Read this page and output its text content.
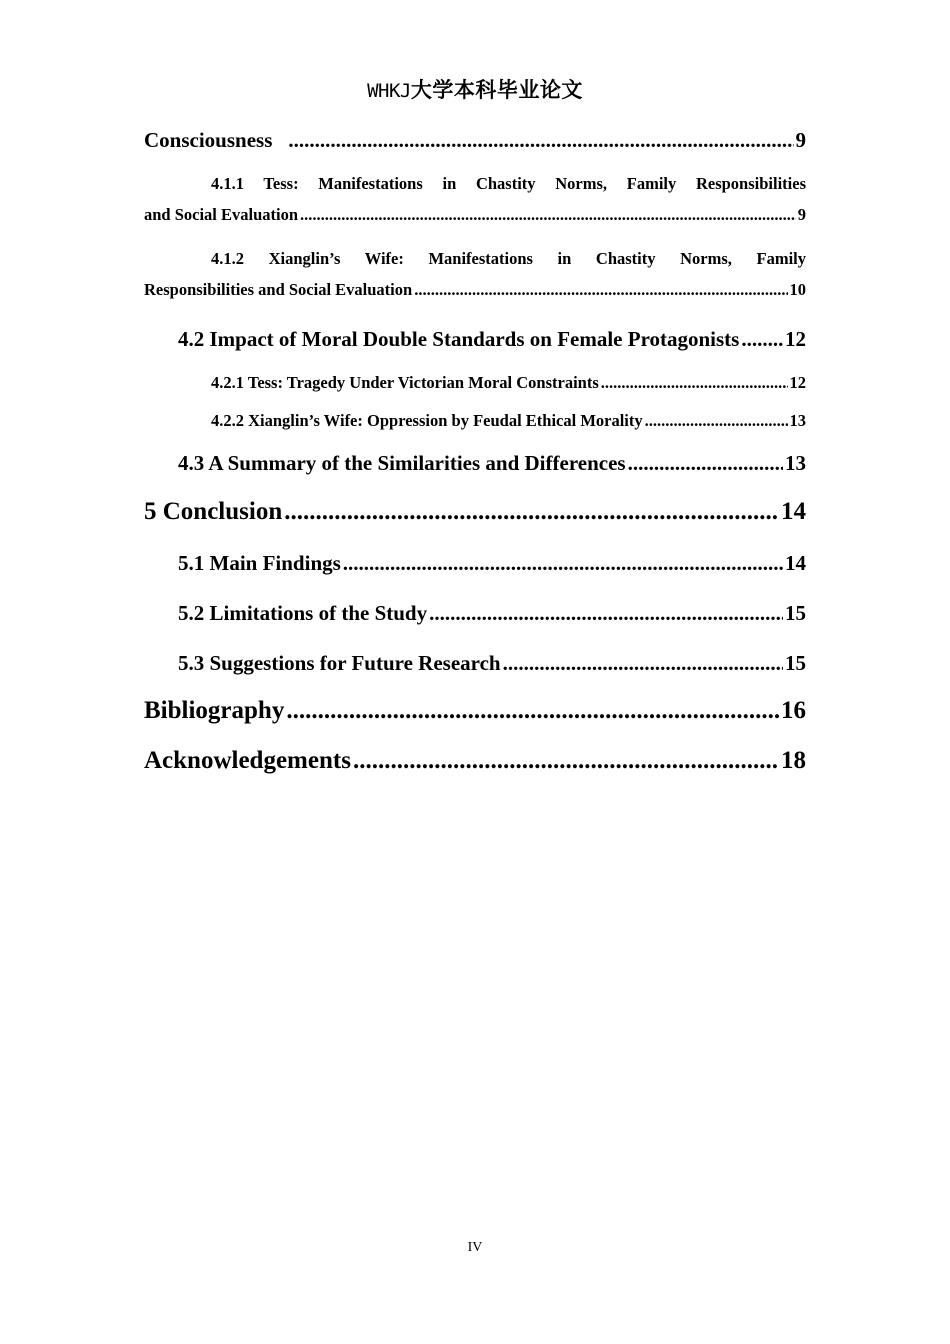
WHKJ大学本科毕业论文
Consciousness .....	9
4.1.1 Tess: Manifestations in Chastity Norms, Family Responsibilities
and Social Evaluation .....	9
4.1.2 Xianglin’s Wife: Manifestations in Chastity Norms, Family
Responsibilities and Social Evaluation .....	10
4.2 Impact of Moral Double Standards on Female Protagonists ..... 12
4.2.1 Tess: Tragedy Under Victorian Moral Constraints .....	12
4.2.2 Xianglin’s Wife: Oppression by Feudal Ethical Morality .....	13
4.3 A Summary of the Similarities and Differences .....	13
5 Conclusion .....	14
5.1 Main Findings .....	14
5.2 Limitations of the Study .....	15
5.3 Suggestions for Future Research .....	15
Bibliography .....	16
Acknowledgements .....	18
IV
